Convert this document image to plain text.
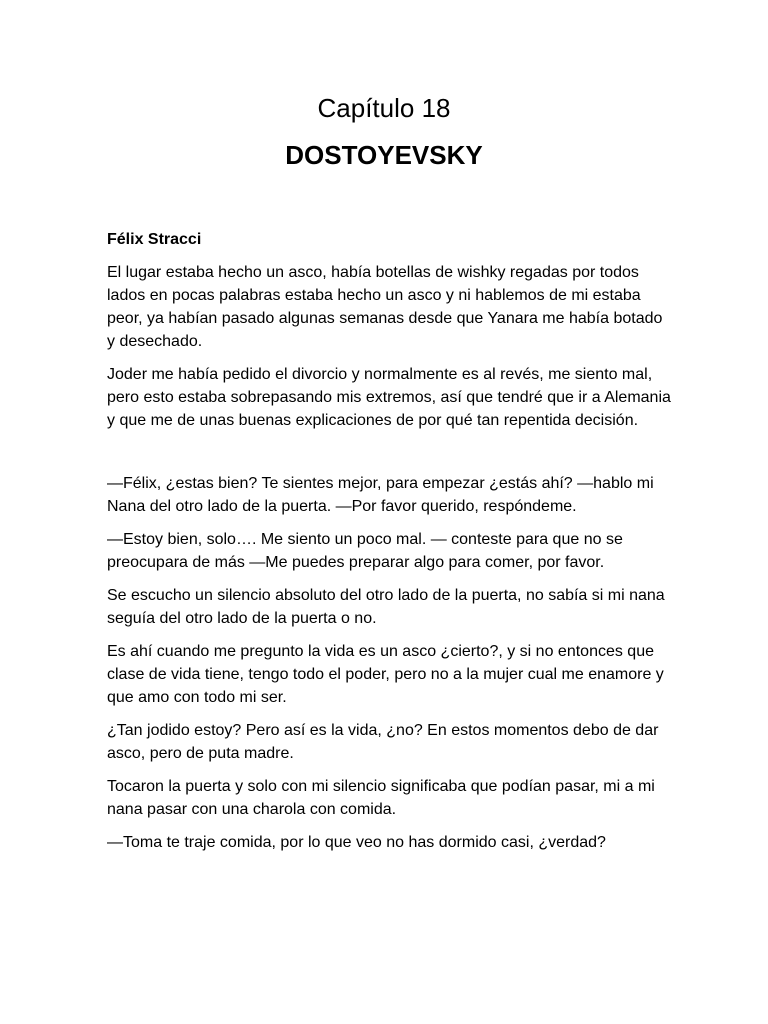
Capítulo 18
DOSTOYEVSKY

Félix Stracci

El lugar estaba hecho un asco, había botellas de wishky regadas por todos lados en pocas palabras estaba hecho un asco y ni hablemos de mi estaba peor, ya habían pasado algunas semanas desde que Yanara me había botado y desechado.

Joder me había pedido el divorcio y normalmente es al revés, me siento mal, pero esto estaba sobrepasando mis extremos, así que tendré que ir a Alemania y que me de unas buenas explicaciones de por qué tan repentida decisión.

—Félix, ¿estas bien? Te sientes mejor, para empezar ¿estás ahí? —hablo mi Nana del otro lado de la puerta. —Por favor querido, respóndeme.

—Estoy bien, solo…. Me siento un poco mal. — conteste para que no se preocupara de más —Me puedes preparar algo para comer, por favor.

Se escucho un silencio absoluto del otro lado de la puerta, no sabía si mi nana seguía del otro lado de la puerta o no.

Es ahí cuando me pregunto la vida es un asco ¿cierto?, y si no entonces que clase de vida tiene, tengo todo el poder, pero no a la mujer cual me enamore y que amo con todo mi ser.

¿Tan jodido estoy? Pero así es la vida, ¿no? En estos momentos debo de dar asco, pero de puta madre.

Tocaron la puerta y solo con mi silencio significaba que podían pasar, mi a mi nana pasar con una charola con comida.

—Toma te traje comida, por lo que veo no has dormido casi, ¿verdad?
